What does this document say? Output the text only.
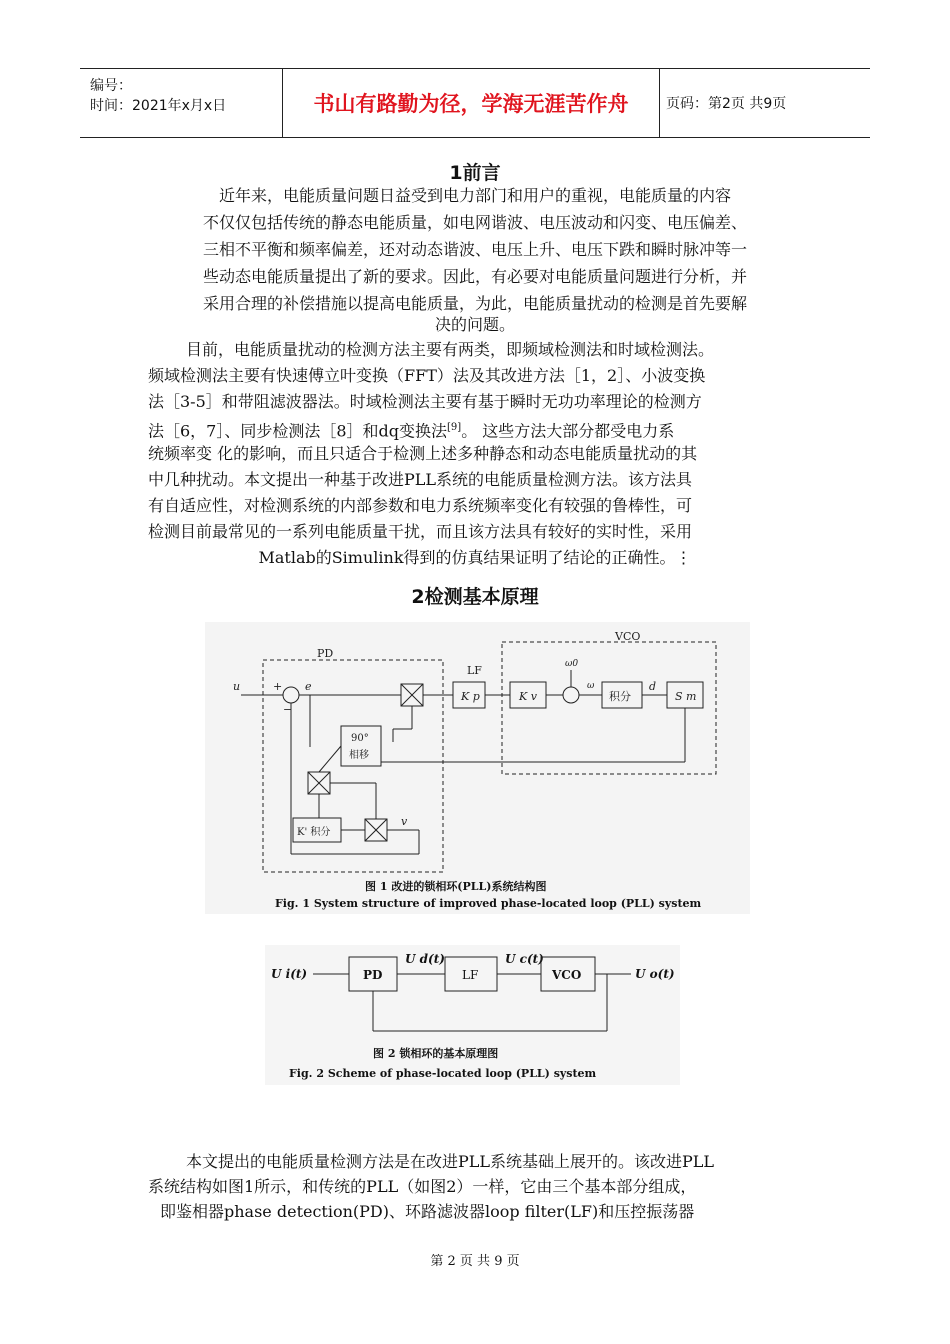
编号：
时间：2021年x月x日	书山有路勤为径，学海无涯苦作舟	页码：第2页 共9页
1前言
近年来，电能质量问题日益受到电力部门和用户的重视，电能质量的内容
不仅仅包括传统的静态电能质量，如电网谐波、电压波动和闪变、电压偏差、
三相不平衡和频率偏差，还对动态谐波、电压上升、电压下跌和瞬时脉冲等一
些动态电能质量提出了新的要求。因此，有必要对电能质量问题进行分析，并
采用合理的补偿措施以提高电能质量，为此，电能质量扰动的检测是首先要解
决的问题。
目前，电能质量扰动的检测方法主要有两类，即频域检测法和时域检测法。
频域检测法主要有快速傅立叶变换（FFT）法及其改进方法［1，2］、小波变换
法［3-5］和带阻滤波器法。时域检测法主要有基于瞬时无功功率理论的检测方
法［6，7］、同步检测法［8］和dq变换法[9]。 这些方法大部分都受电力系
统频率变 化的影响，而且只适合于检测上述多种静态和动态电能质量扰动的其
中几种扰动。本文提出一种基于改进PLL系统的电能质量检测方法。该方法具
有自适应性，对检测系统的内部参数和电力系统频率变化有较强的鲁棒性，可
检测目前最常见的一系列电能质量干扰，而且该方法具有较好的实时性，采用
Matlab的Simulink得到的仿真结果证明了结论的正确性。⋮
2检测基本原理
PD
LF
VCO
u	+
−
e
K p	K v
ω0
ω
积分
d
S m
90°
相移
K' 积分
v
图 1 改进的锁相环(PLL)系统结构图
Fig. 1 System structure of improved phase-located loop (PLL) system
U i(t)	PD
U d(t)
LF
U c(t)
VCO	U o(t)
图 2 锁相环的基本原理图
Fig. 2 Scheme of phase-located loop (PLL) system
本文提出的电能质量检测方法是在改进PLL系统基础上展开的。该改进PLL
系统结构如图1所示，和传统的PLL（如图2）一样，它由三个基本部分组成，
即鉴相器phase detection(PD)、环路滤波器loop filter(LF)和压控振荡器
第 2 页 共 9 页
